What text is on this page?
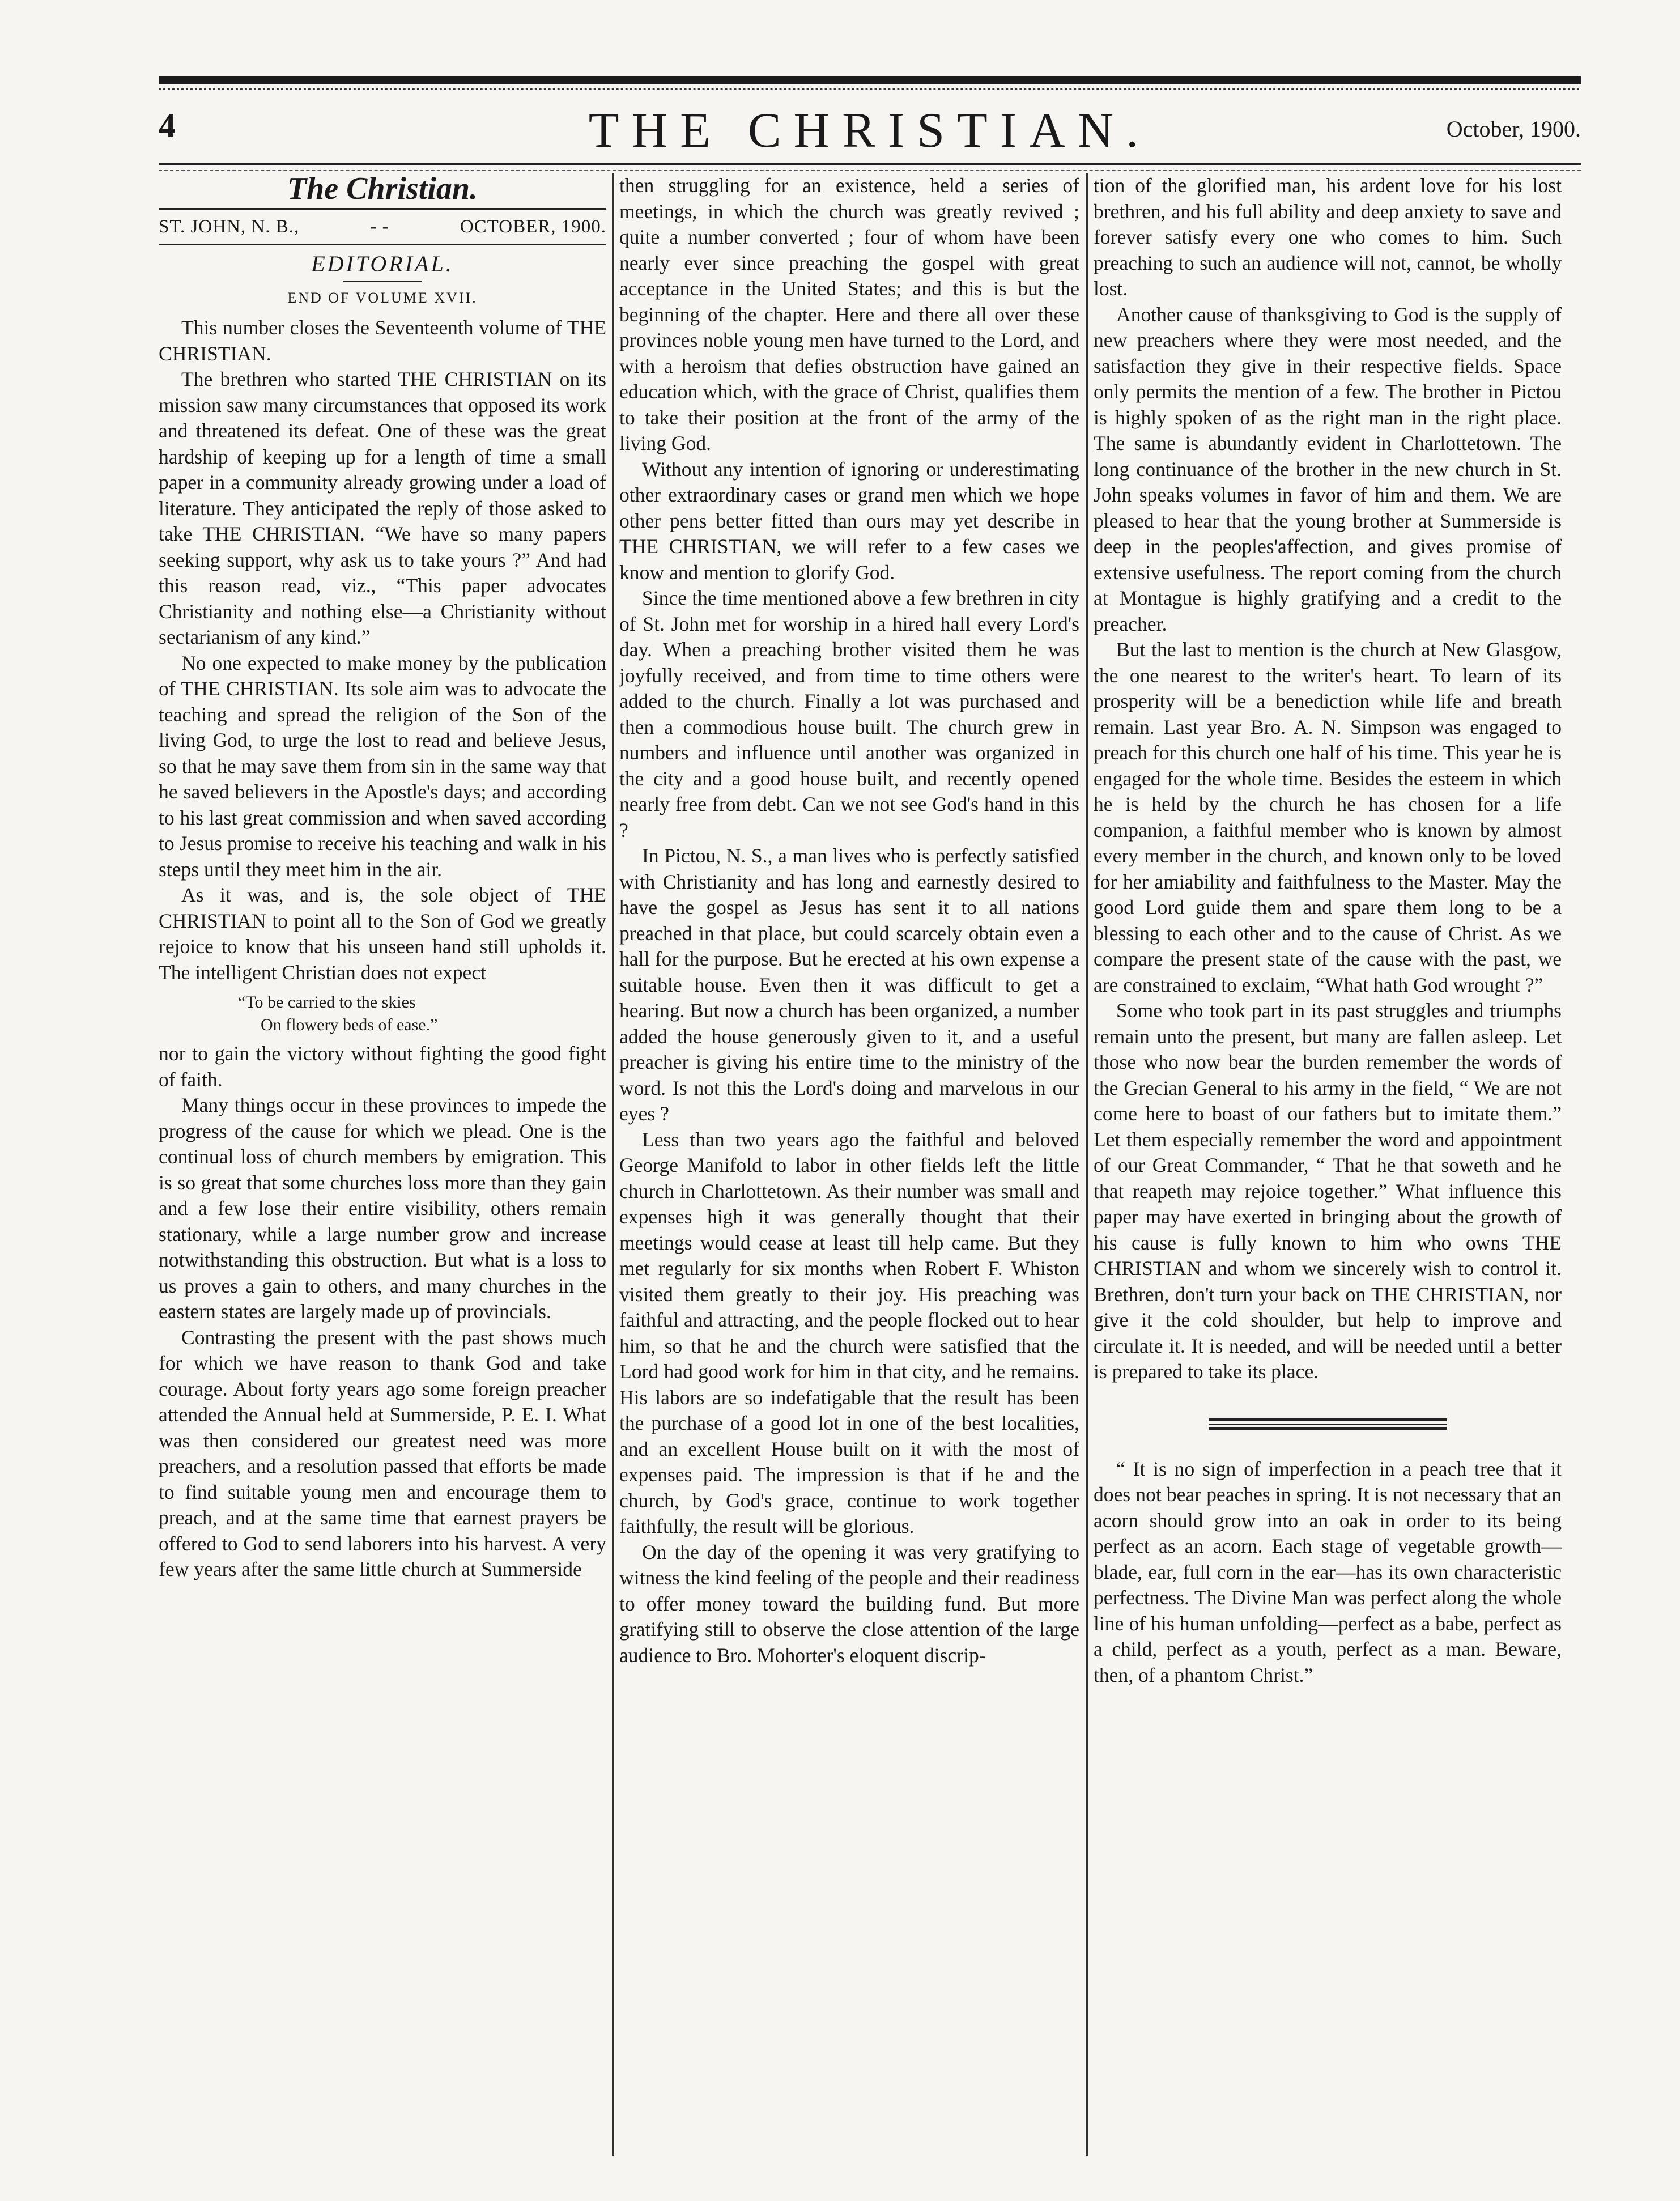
4	THE CHRISTIAN.	October, 1900.
The Christian.
ST. JOHN, N. B.,	- -	OCTOBER, 1900.
EDITORIAL.
END OF VOLUME XVII.

This number closes the Seventeenth volume of THE CHRISTIAN.

The brethren who started THE CHRISTIAN on its mission saw many circumstances that opposed its work and threatened its defeat. One of these was the great hardship of keeping up for a length of time a small paper in a community already growing under a load of literature. They anticipated the reply of those asked to take THE CHRISTIAN. “We have so many papers seeking support, why ask us to take yours ?” And had this reason read, viz., “This paper advocates Christianity and nothing else—a Christianity without sectarianism of any kind.”

No one expected to make money by the publication of THE CHRISTIAN. Its sole aim was to advocate the teaching and spread the religion of the Son of the living God, to urge the lost to read and believe Jesus, so that he may save them from sin in the same way that he saved believers in the Apostle's days; and according to his last great commission and when saved according to Jesus promise to receive his teaching and walk in his steps until they meet him in the air.

As it was, and is, the sole object of THE CHRISTIAN to point all to the Son of God we greatly rejoice to know that his unseen hand still upholds it. The intelligent Christian does not expect

“To be carried to the skies

On flowery beds of ease.”

nor to gain the victory without fighting the good fight of faith.

Many things occur in these provinces to impede the progress of the cause for which we plead. One is the continual loss of church members by emigration. This is so great that some churches loss more than they gain and a few lose their entire visibility, others remain stationary, while a large number grow and increase notwithstanding this obstruction. But what is a loss to us proves a gain to others, and many churches in the eastern states are largely made up of provincials.

Contrasting the present with the past shows much for which we have reason to thank God and take courage. About forty years ago some foreign preacher attended the Annual held at Summerside, P. E. I. What was then considered our greatest need was more preachers, and a resolution passed that efforts be made to find suitable young men and encourage them to preach, and at the same time that earnest prayers be offered to God to send laborers into his harvest. A very few years after the same little church at Summerside

then struggling for an existence, held a series of meetings, in which the church was greatly revived ; quite a number converted ; four of whom have been nearly ever since preaching the gospel with great acceptance in the United States; and this is but the beginning of the chapter. Here and there all over these provinces noble young men have turned to the Lord, and with a heroism that defies obstruction have gained an education which, with the grace of Christ, qualifies them to take their position at the front of the army of the living God.

Without any intention of ignoring or underestimating other extraordinary cases or grand men which we hope other pens better fitted than ours may yet describe in THE CHRISTIAN, we will refer to a few cases we know and mention to glorify God.

Since the time mentioned above a few brethren in city of St. John met for worship in a hired hall every Lord's day. When a preaching brother visited them he was joyfully received, and from time to time others were added to the church. Finally a lot was purchased and then a commodious house built. The church grew in numbers and influence until another was organized in the city and a good house built, and recently opened nearly free from debt. Can we not see God's hand in this ?

In Pictou, N. S., a man lives who is perfectly satisfied with Christianity and has long and earnestly desired to have the gospel as Jesus has sent it to all nations preached in that place, but could scarcely obtain even a hall for the purpose. But he erected at his own expense a suitable house. Even then it was difficult to get a hearing. But now a church has been organized, a number added the house generously given to it, and a useful preacher is giving his entire time to the ministry of the word. Is not this the Lord's doing and marvelous in our eyes ?

Less than two years ago the faithful and beloved George Manifold to labor in other fields left the little church in Charlottetown. As their number was small and expenses high it was generally thought that their meetings would cease at least till help came. But they met regularly for six months when Robert F. Whiston visited them greatly to their joy. His preaching was faithful and attracting, and the people flocked out to hear him, so that he and the church were satisfied that the Lord had good work for him in that city, and he remains. His labors are so indefatigable that the result has been the purchase of a good lot in one of the best localities, and an excellent House built on it with the most of expenses paid. The impression is that if he and the church, by God's grace, continue to work together faithfully, the result will be glorious.

On the day of the opening it was very gratifying to witness the kind feeling of the people and their readiness to offer money toward the building fund. But more gratifying still to observe the close attention of the large audience to Bro. Mohorter's eloquent discrip-

tion of the glorified man, his ardent love for his lost brethren, and his full ability and deep anxiety to save and forever satisfy every one who comes to him. Such preaching to such an audience will not, cannot, be wholly lost.

Another cause of thanksgiving to God is the supply of new preachers where they were most needed, and the satisfaction they give in their respective fields. Space only permits the mention of a few. The brother in Pictou is highly spoken of as the right man in the right place. The same is abundantly evident in Charlottetown. The long continuance of the brother in the new church in St. John speaks volumes in favor of him and them. We are pleased to hear that the young brother at Summerside is deep in the peoples'affection, and gives promise of extensive usefulness. The report coming from the church at Montague is highly gratifying and a credit to the preacher.

But the last to mention is the church at New Glasgow, the one nearest to the writer's heart. To learn of its prosperity will be a benediction while life and breath remain. Last year Bro. A. N. Simpson was engaged to preach for this church one half of his time. This year he is engaged for the whole time. Besides the esteem in which he is held by the church he has chosen for a life companion, a faithful member who is known by almost every member in the church, and known only to be loved for her amiability and faithfulness to the Master. May the good Lord guide them and spare them long to be a blessing to each other and to the cause of Christ. As we compare the present state of the cause with the past, we are constrained to exclaim, “What hath God wrought ?”

Some who took part in its past struggles and triumphs remain unto the present, but many are fallen asleep. Let those who now bear the burden remember the words of the Grecian General to his army in the field, “ We are not come here to boast of our fathers but to imitate them.” Let them especially remember the word and appointment of our Great Commander, “ That he that soweth and he that reapeth may rejoice together.” What influence this paper may have exerted in bringing about the growth of his cause is fully known to him who owns THE CHRISTIAN and whom we sincerely wish to control it. Brethren, don't turn your back on THE CHRISTIAN, nor give it the cold shoulder, but help to improve and circulate it. It is needed, and will be needed until a better is prepared to take its place.

“ It is no sign of imperfection in a peach tree that it does not bear peaches in spring. It is not necessary that an acorn should grow into an oak in order to its being perfect as an acorn. Each stage of vegetable growth—blade, ear, full corn in the ear—has its own characteristic perfectness. The Divine Man was perfect along the whole line of his human unfolding—perfect as a babe, perfect as a child, perfect as a youth, perfect as a man. Beware, then, of a phantom Christ.”
